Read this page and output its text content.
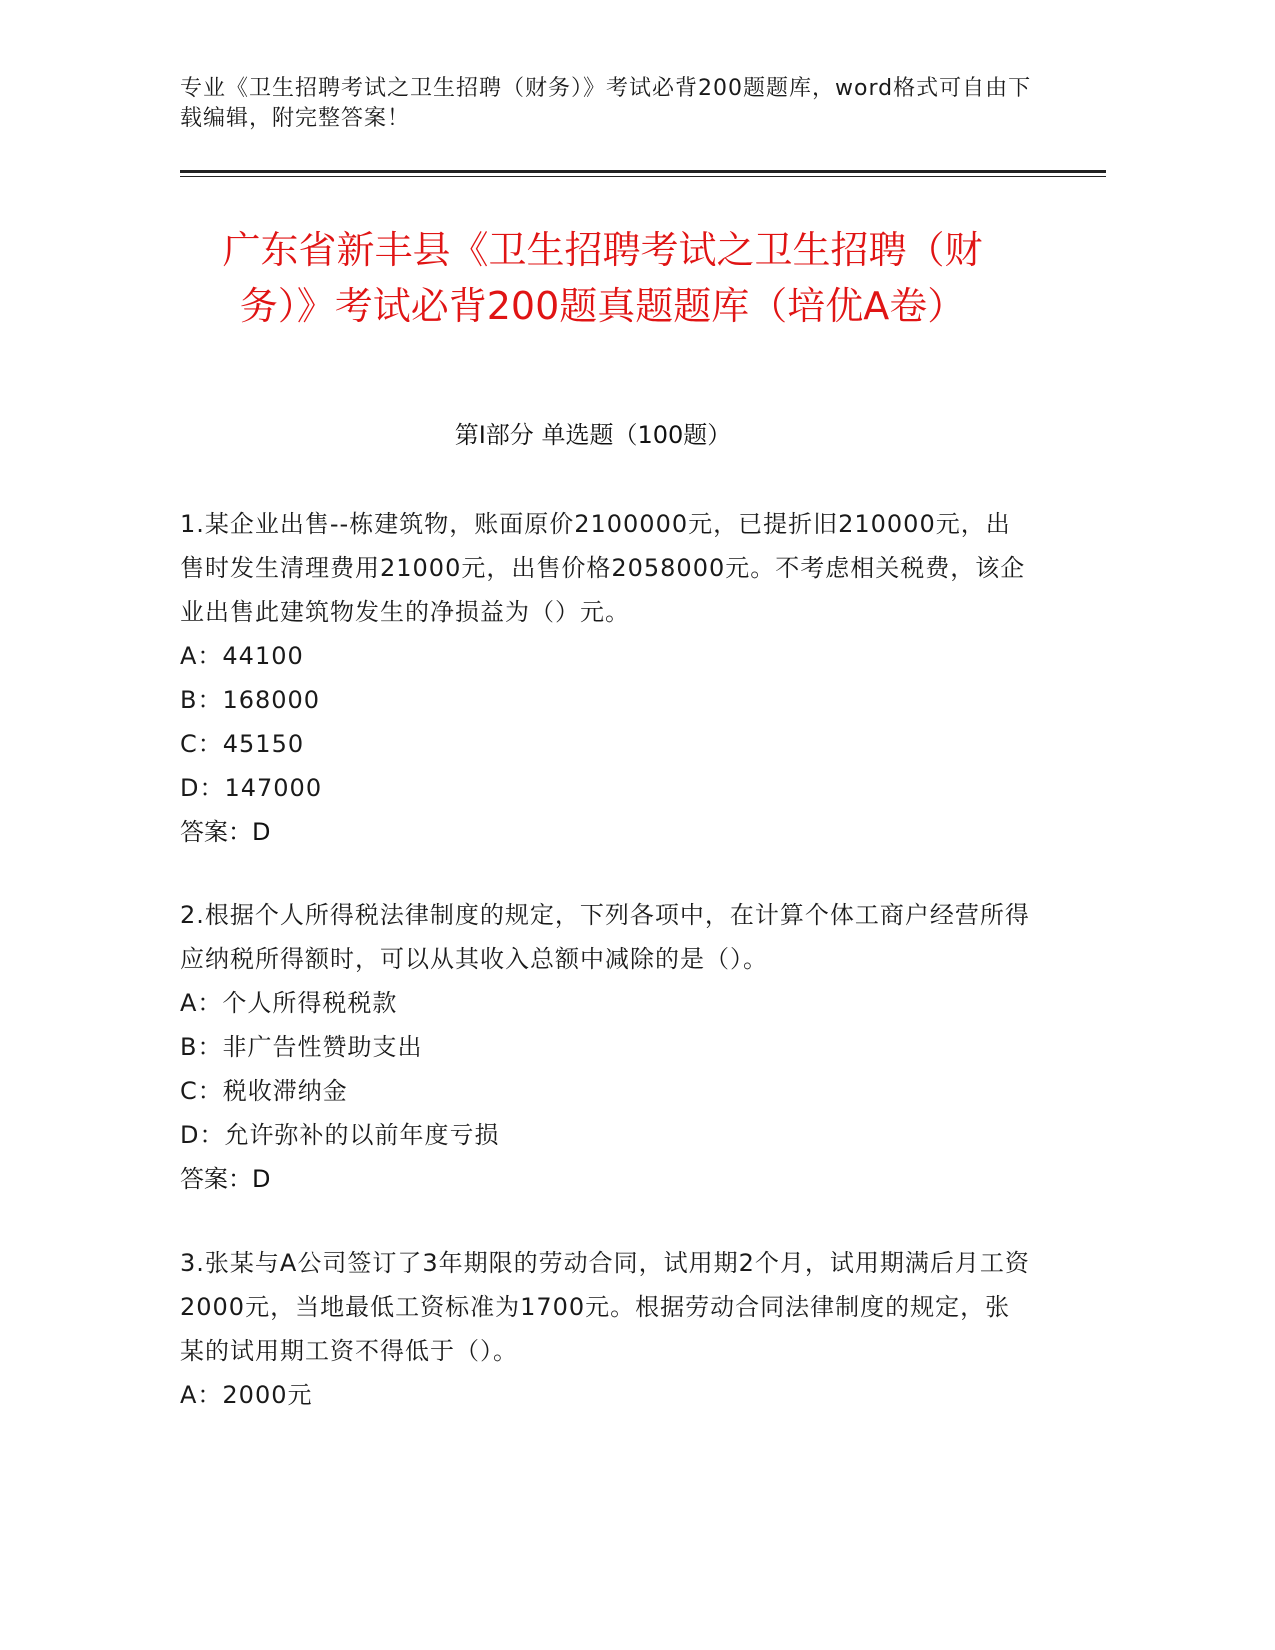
专业《卫生招聘考试之卫生招聘（财务）》考试必背200题题库，word格式可自由下载编辑，附完整答案！
广东省新丰县《卫生招聘考试之卫生招聘（财务）》考试必背200题真题题库（培优A卷）
第I部分 单选题（100题）

1.某企业出售--栋建筑物，账面原价2100000元，已提折旧210000元，出售时发生清理费用21000元，出售价格2058000元。不考虑相关税费，该企业出售此建筑物发生的净损益为（）元。

A：44100

B：168000

C：45150

D：147000

答案：D

2.根据个人所得税法律制度的规定，下列各项中，在计算个体工商户经营所得应纳税所得额时，可以从其收入总额中减除的是（）。

A：个人所得税税款

B：非广告性赞助支出

C：税收滞纳金

D：允许弥补的以前年度亏损

答案：D

3.张某与A公司签订了3年期限的劳动合同，试用期2个月，试用期满后月工资2000元，当地最低工资标准为1700元。根据劳动合同法律制度的规定，张某的试用期工资不得低于（）。

A：2000元
